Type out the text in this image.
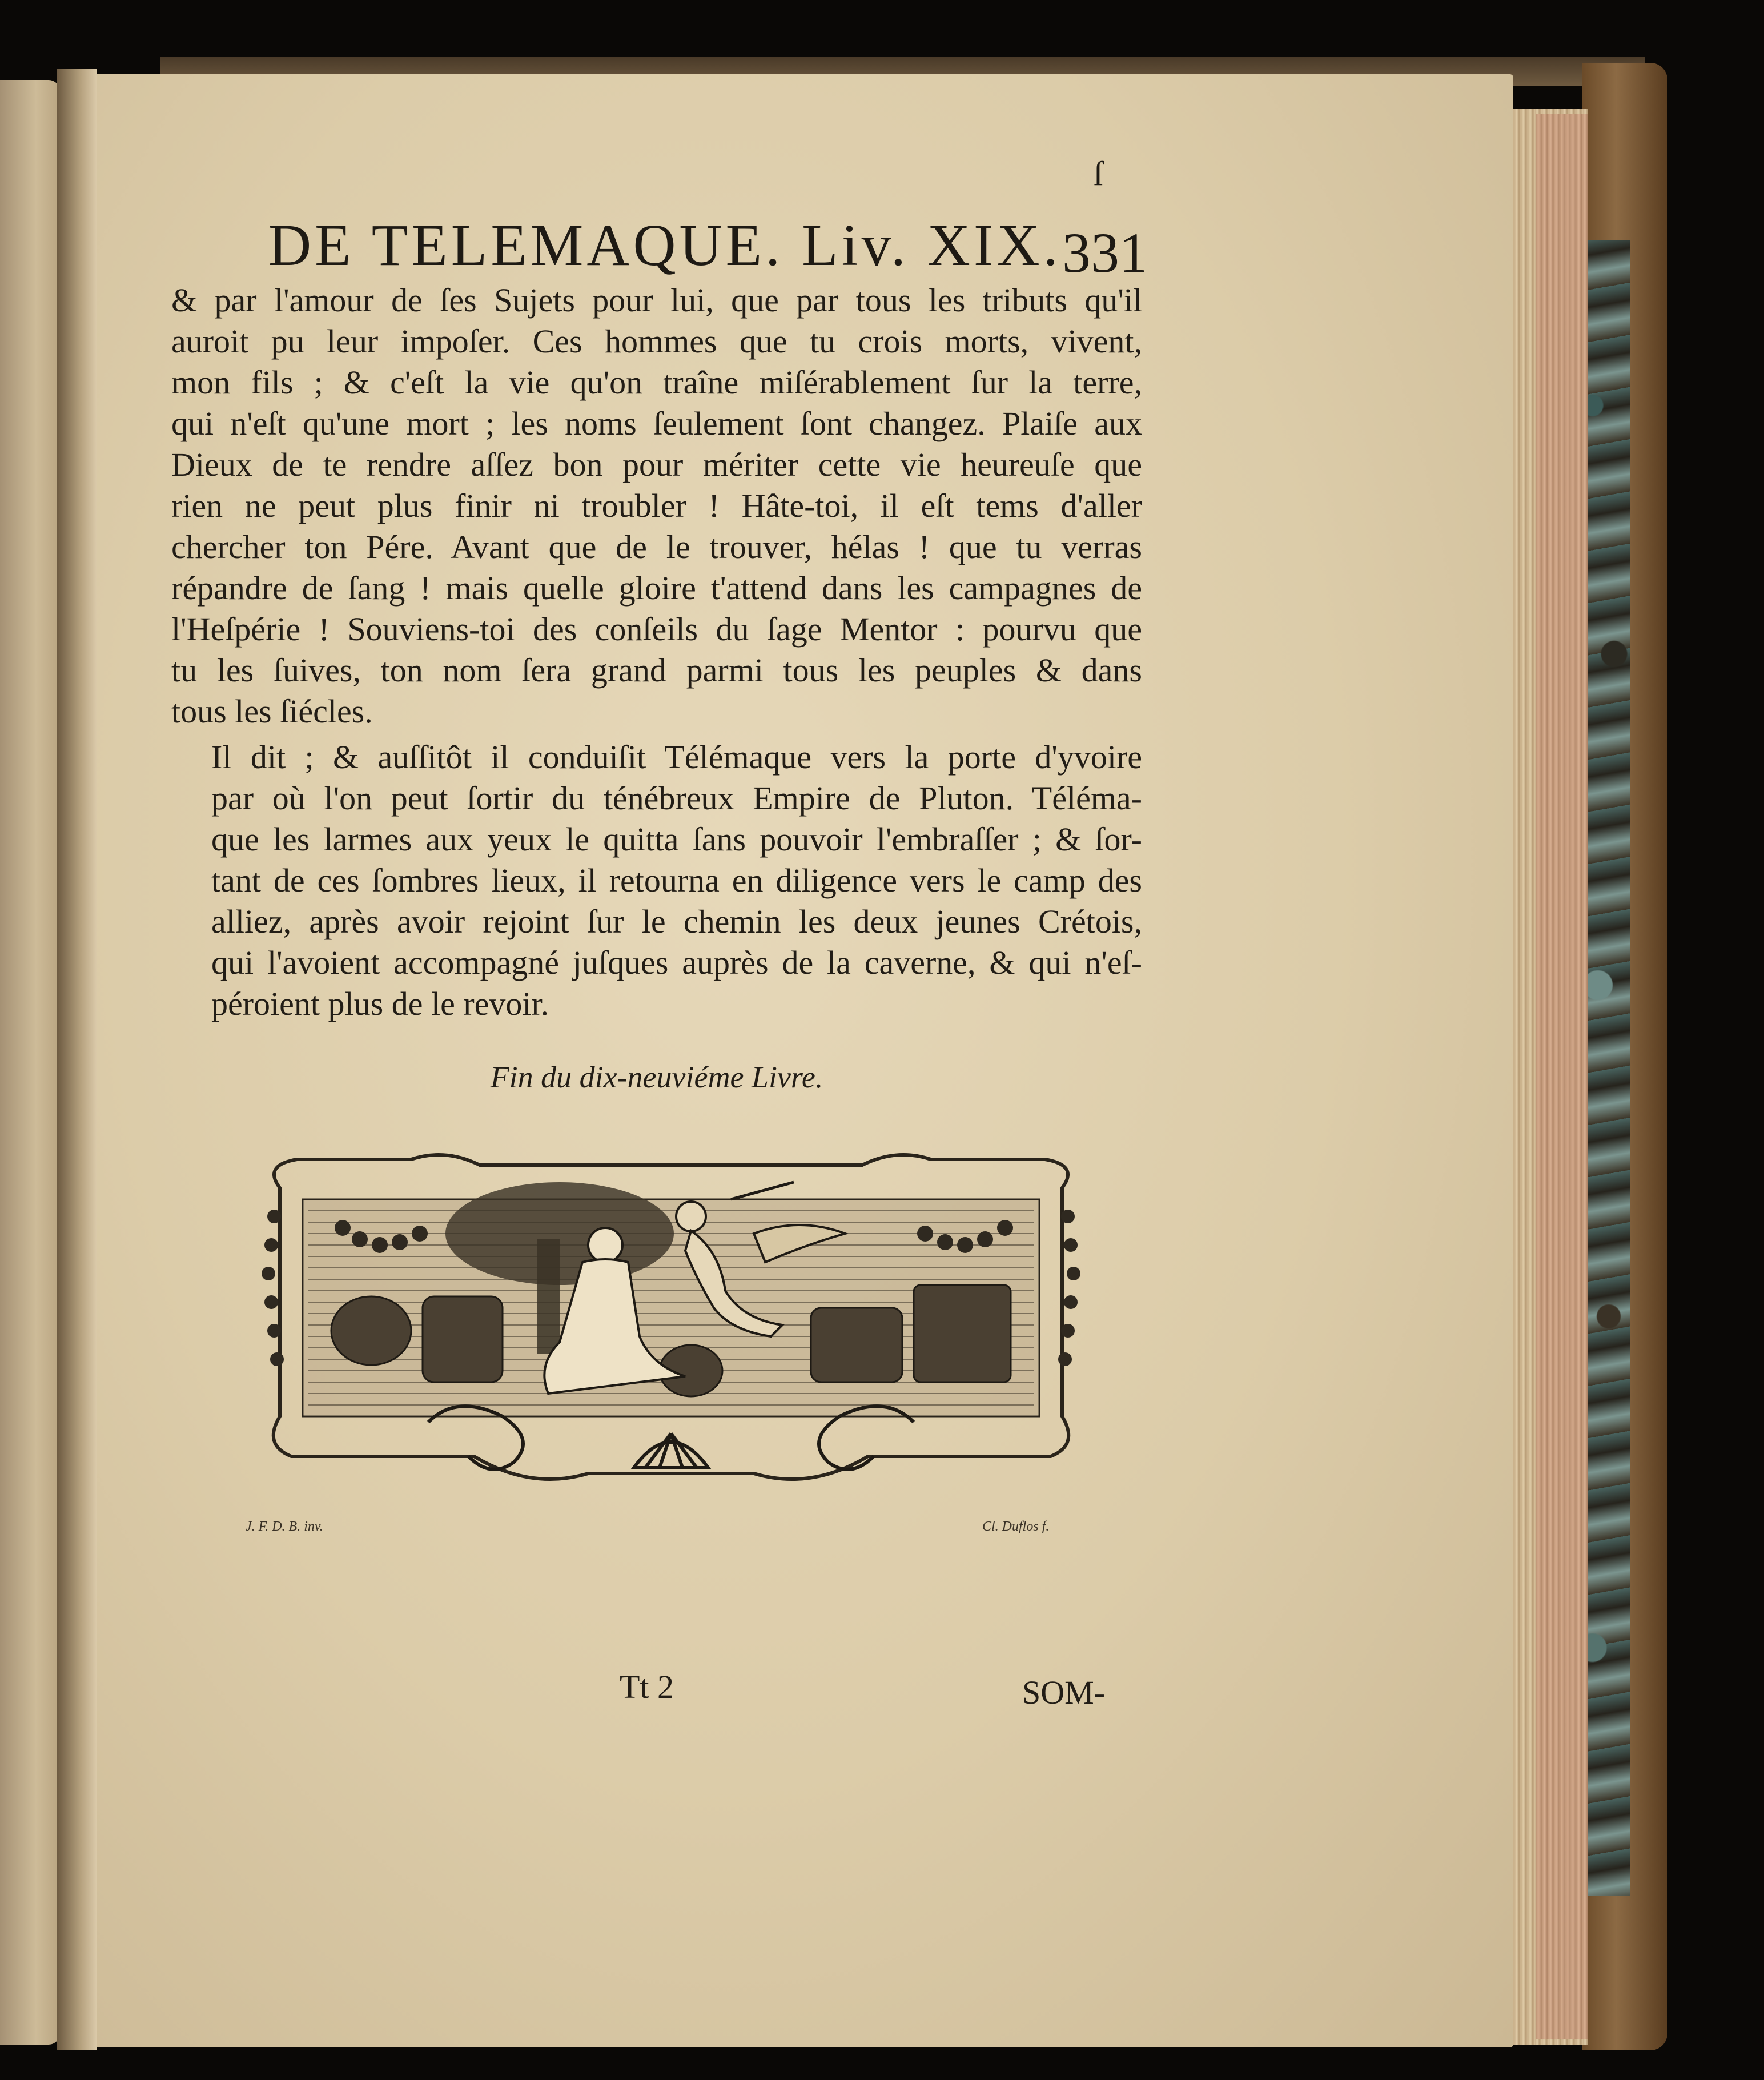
ſ
DE TELEMAQUE. Liv. XIX. 331

& par l'amour de ſes Sujets pour lui, que par tous les tributs qu'il
auroit pu leur impoſer. Ces hommes que tu crois morts, vivent,
mon fils ; & c'eſt la vie qu'on traîne miſérablement ſur la terre,
qui n'eſt qu'une mort ; les noms ſeulement ſont changez. Plaiſe aux
Dieux de te rendre aſſez bon pour mériter cette vie heureuſe que
rien ne peut plus finir ni troubler ! Hâte-toi, il eſt tems d'aller
chercher ton Pére. Avant que de le trouver, hélas ! que tu verras
répandre de ſang ! mais quelle gloire t'attend dans les campagnes de
l'Heſpérie ! Souviens-toi des conſeils du ſage Mentor : pourvu que
tu les ſuives, ton nom ſera grand parmi tous les peuples & dans
tous les ſiécles.

Il dit ; & auſſitôt il conduiſit Télémaque vers la porte d'yvoire
par où l'on peut ſortir du ténébreux Empire de Pluton. Téléma-
que les larmes aux yeux le quitta ſans pouvoir l'embraſſer ; & ſor-
tant de ces ſombres lieux, il retourna en diligence vers le camp des
alliez, après avoir rejoint ſur le chemin les deux jeunes Crétois,
qui l'avoient accompagné juſques auprès de la caverne, & qui n'eſ-
péroient plus de le revoir.

Fin du dix-neuviéme Livre.
J. F. D. B. inv.	Cl. Duflos f.
Tt 2	SOM-
